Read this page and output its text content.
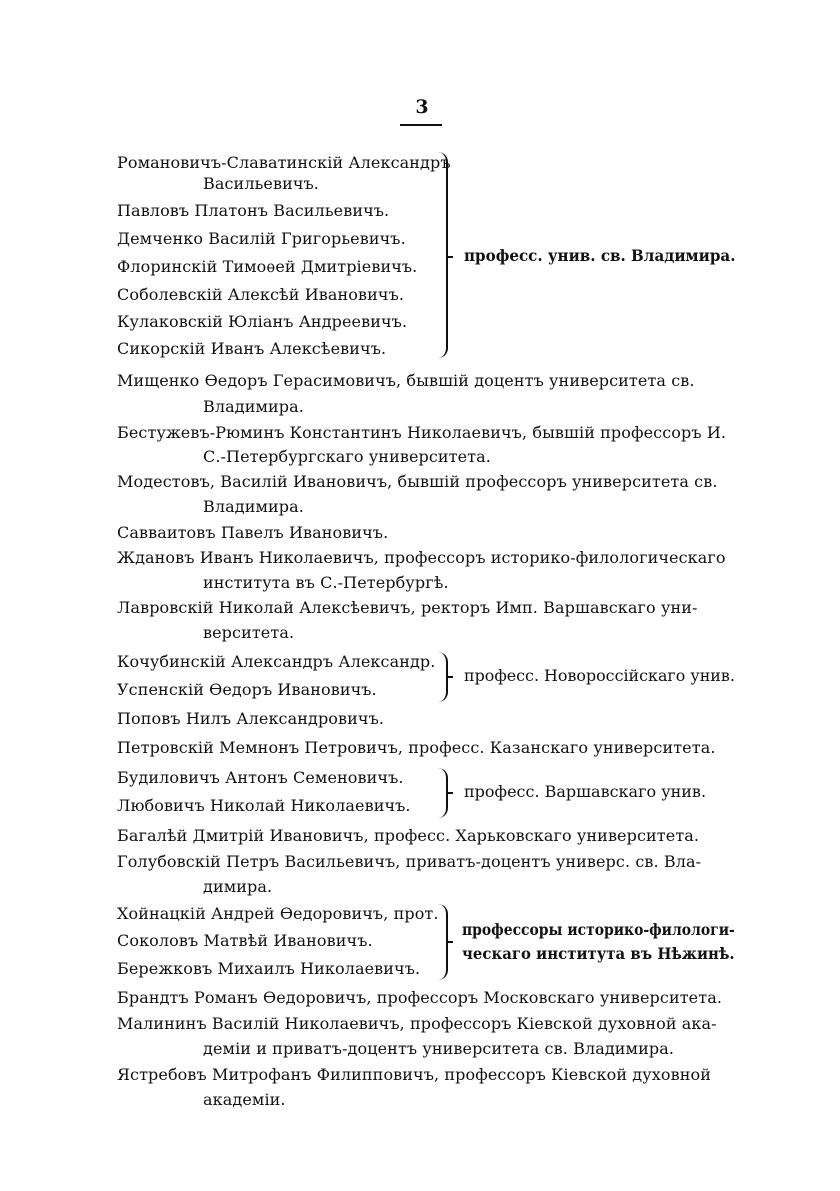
3
Романовичъ-Славатинскій Александръ
Васильевичъ.
Павловъ Платонъ Васильевичъ.
Демченко Василій Григорьевичъ.
Флоринскій Тимоѳей Дмитріевичъ.
Соболевскій Алексѣй Ивановичъ.
Кулаковскій Юліанъ Андреевичъ.
Сикорскій Иванъ Алексѣевичъ.
професс. унив. св. Владимира.
Мищенко Ѳедоръ Герасимовичъ, бывшій доцентъ университета св.
Владимира.
Бестужевъ-Рюминъ Константинъ Николаевичъ, бывшій профессоръ И.
С.-Петербургскаго университета.
Модестовъ, Василій Ивановичъ, бывшій профессоръ университета св.
Владимира.
Савваитовъ Павелъ Ивановичъ.
Ждановъ Иванъ Николаевичъ, профессоръ историко-филологическаго
института въ С.-Петербургѣ.
Лавровскій Николай Алексѣевичъ, ректоръ Имп. Варшавскаго уни-
верситета.
Кочубинскій Александръ Александр.
Успенскій Ѳедоръ Ивановичъ.
професс. Новороссійскаго унив.
Поповъ Нилъ Александровичъ.
Петровскій Мемнонъ Петровичъ, професс. Казанскаго университета.
Будиловичъ Антонъ Семеновичъ.
Любовичъ Николай Николаевичъ.
професс. Варшавскаго унив.
Багалѣй Дмитрій Ивановичъ, професс. Харьковскаго университета.
Голубовскій Петръ Васильевичъ, приватъ-доцентъ универс. св. Вла-
димира.
Хойнацкій Андрей Ѳедоровичъ, прот.
Соколовъ Матвѣй Ивановичъ.
Бережковъ Михаилъ Николаевичъ.
профессоры историко-филологи-
ческаго института въ Нѣжинѣ.
Брандтъ Романъ Ѳедоровичъ, профессоръ Московскаго университета.
Малининъ Василій Николаевичъ, профессоръ Кіевской духовной ака-
деміи и приватъ-доцентъ университета св. Владимира.
Ястребовъ Митрофанъ Филипповичъ, профессоръ Кіевской духовной
академіи.
